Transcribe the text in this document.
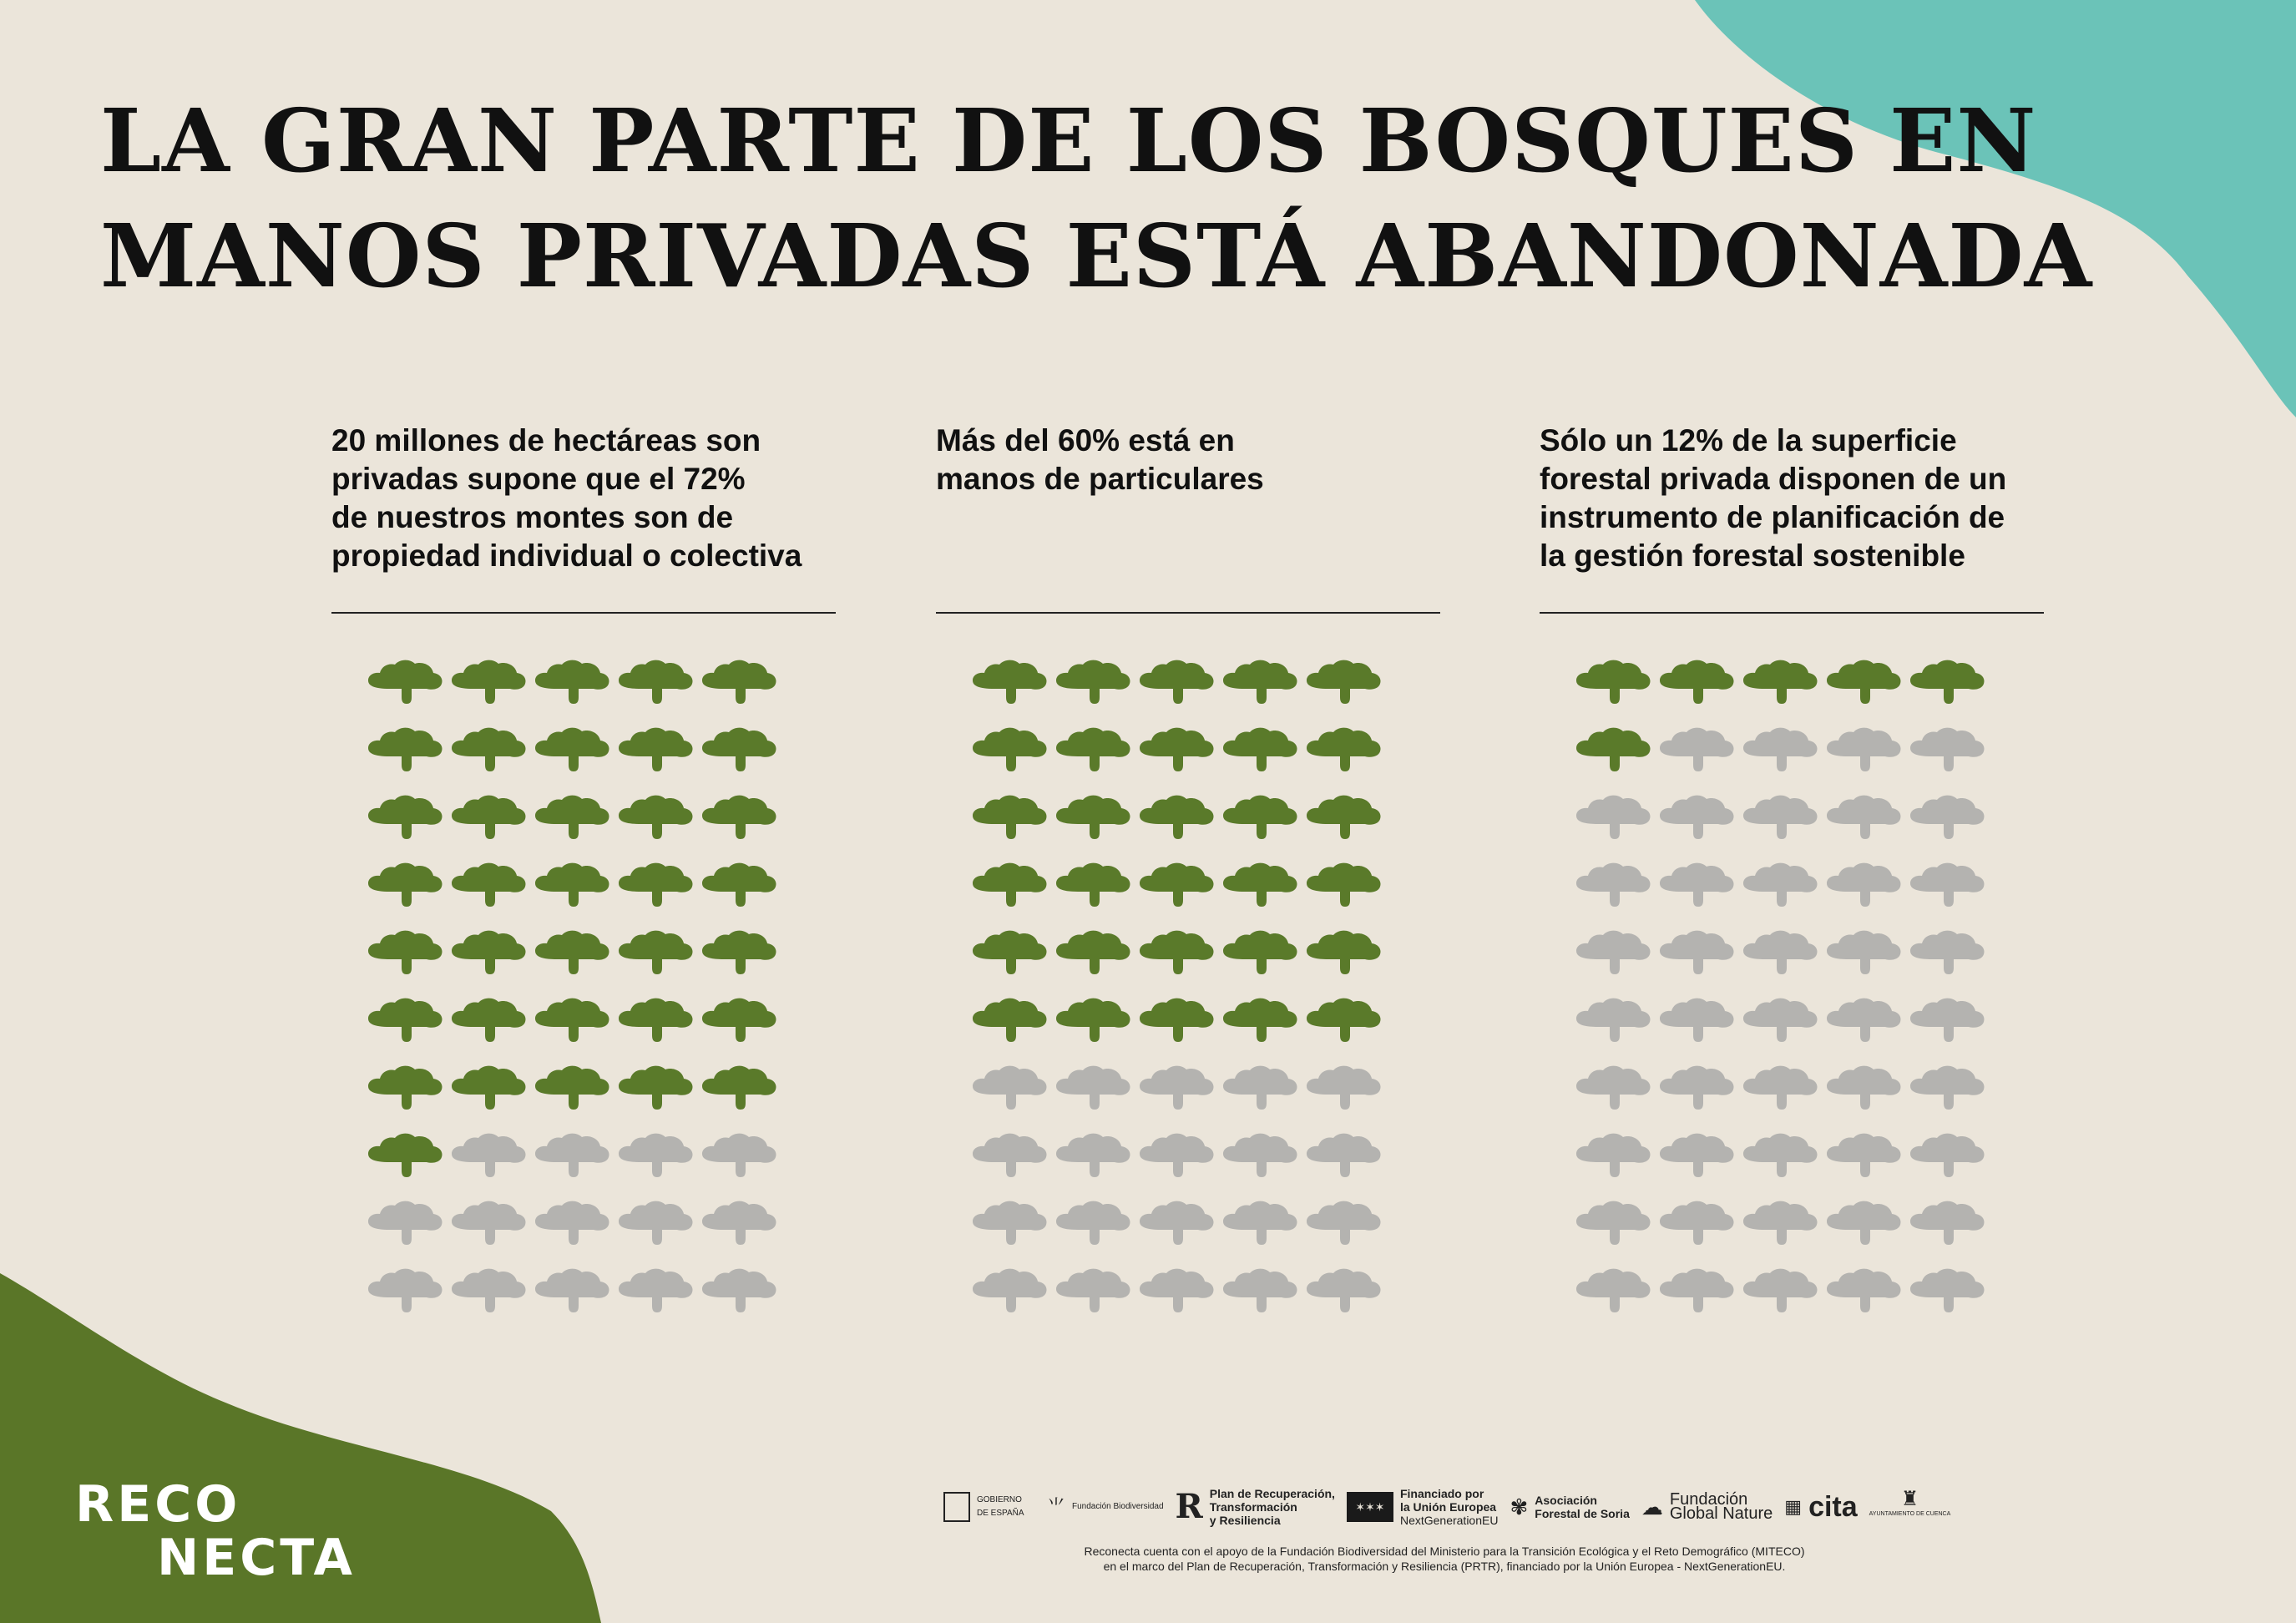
LA GRAN PARTE DE LOS BOSQUES EN
MANOS PRIVADAS ESTÁ ABANDONADA

20 millones de hectáreas son
privadas supone que el 72%
de nuestros montes son de
propiedad individual o colectiva

Más del 60% está en
manos de particulares

Sólo un 12% de la superficie
forestal privada disponen de un
instrumento de planificación de
la gestión forestal sostenible

RECO
NECTA
GOBIERNO DE ESPAÑA	⺌ Fundación Biodiversidad R Plan de Recuperación,
Transformación
y Resiliencia
✶✶✶
Financiado por
la Unión Europea
NextGenerationEU
✾ Asociación
Forestal de Soria ☁ Fundación
Global Nature ▦ cita ♜
AYUNTAMIENTO DE CUENCA
Reconecta cuenta con el apoyo de la Fundación Biodiversidad del Ministerio para la Transición Ecológica y el Reto Demográfico (MITECO)
en el marco del Plan de Recuperación, Transformación y Resiliencia (PRTR), financiado por la Unión Europea - NextGenerationEU.
